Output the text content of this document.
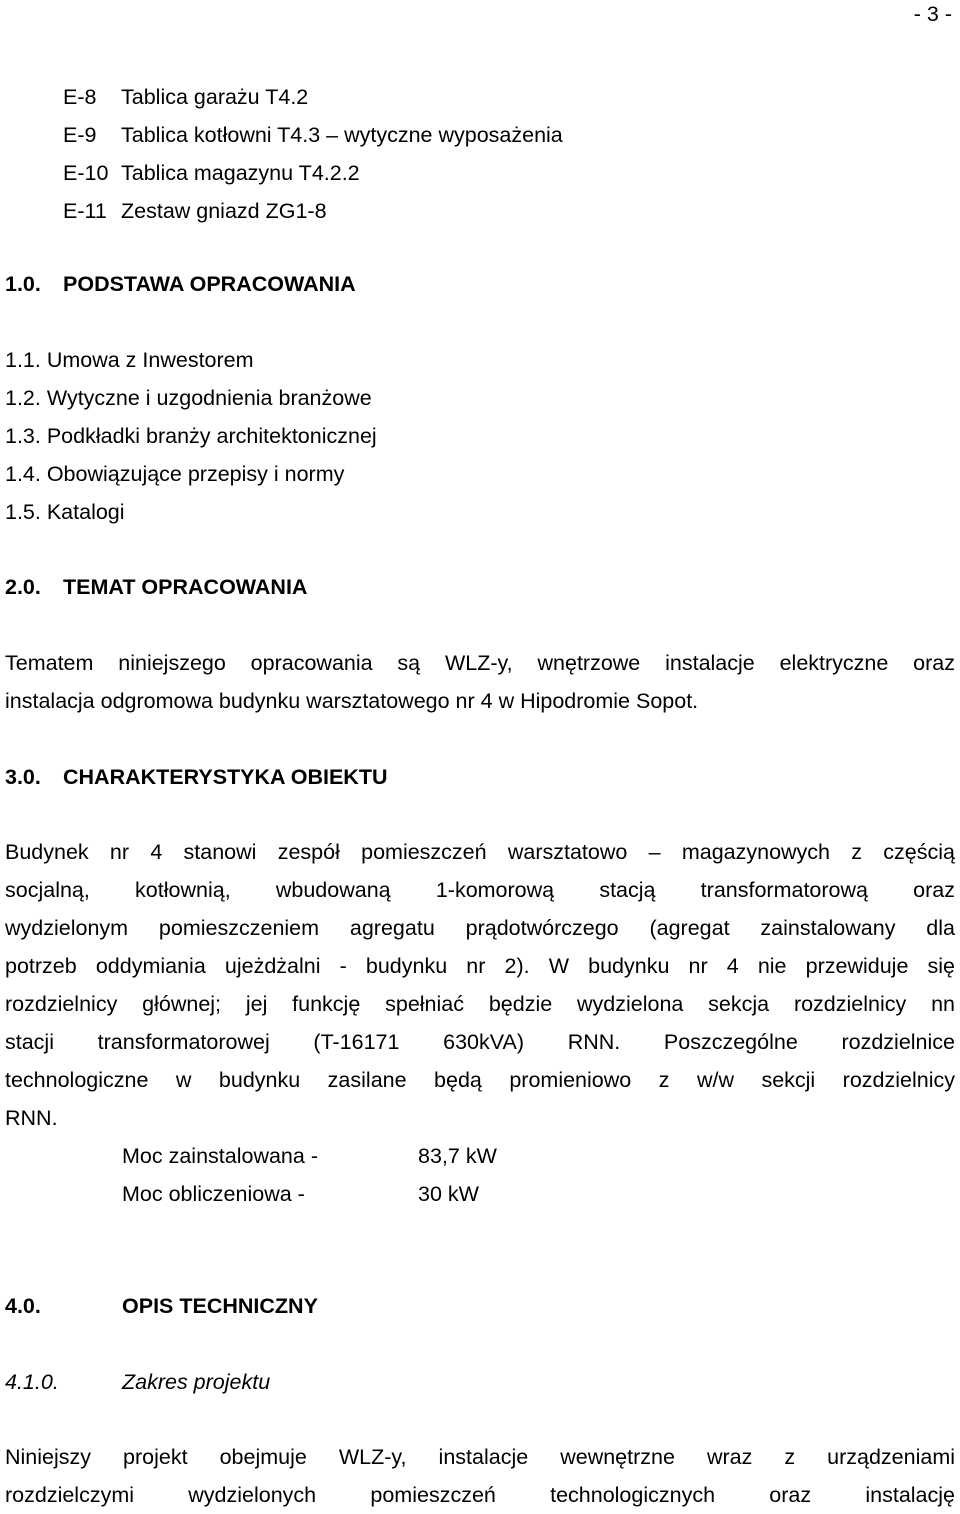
- 3 -
E-8 Tablica garażu T4.2
E-9 Tablica kotłowni T4.3 – wytyczne wyposażenia
E-10 Tablica magazynu T4.2.2
E-11 Zestaw gniazd ZG1-8
1.0. PODSTAWA OPRACOWANIA
1.1. Umowa z Inwestorem
1.2. Wytyczne i uzgodnienia branżowe
1.3. Podkładki branży architektonicznej
1.4. Obowiązujące przepisy i normy
1.5. Katalogi
2.0. TEMAT OPRACOWANIA
Tematem niniejszego opracowania są WLZ-y, wnętrzowe instalacje elektryczne oraz
instalacja odgromowa budynku warsztatowego nr 4 w Hipodromie Sopot.
3.0. CHARAKTERYSTYKA OBIEKTU
Budynek nr 4 stanowi zespół pomieszczeń warsztatowo – magazynowych z częścią
socjalną, kotłownią, wbudowaną 1-komorową stacją transformatorową oraz
wydzielonym pomieszczeniem agregatu prądotwórczego (agregat zainstalowany dla
potrzeb oddymiania ujeżdżalni - budynku nr 2). W budynku nr 4 nie przewiduje się
rozdzielnicy głównej; jej funkcję spełniać będzie wydzielona sekcja rozdzielnicy nn
stacji transformatorowej (T-16171 630kVA) RNN. Poszczególne rozdzielnice
technologiczne w budynku zasilane będą promieniowo z w/w sekcji rozdzielnicy
RNN.
Moc zainstalowana -	83,7 kW
Moc obliczeniowa -	30 kW
4.0.	OPIS TECHNICZNY
4.1.0.	Zakres projektu
Niniejszy projekt obejmuje WLZ-y, instalacje wewnętrzne wraz z urządzeniami
rozdzielczymi wydzielonych pomieszczeń technologicznych oraz instalację
